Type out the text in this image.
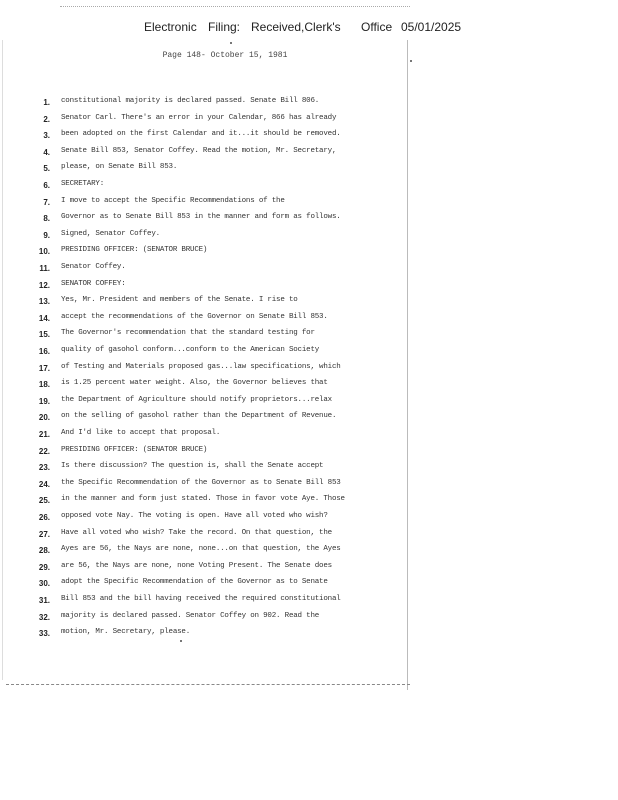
Electronic Filing: Received,Clerk's Office 05/01/2025
Page 148- October 15, 1981
1. constitutional majority is declared passed. Senate Bill 806.
2. Senator Carl. There's an error in your Calendar, 866 has already
3. been adopted on the first Calendar and it...it should be removed.
4. Senate Bill 853, Senator Coffey. Read the motion, Mr. Secretary,
5. please, on Senate Bill 853.
6. SECRETARY:
7. I move to accept the Specific Recommendations of the
8. Governor as to Senate Bill 853 in the manner and form as follows.
9. Signed, Senator Coffey.
10. PRESIDING OFFICER: (SENATOR BRUCE)
11. Senator Coffey.
12. SENATOR COFFEY:
13. Yes, Mr. President and members of the Senate. I rise to
14. accept the recommendations of the Governor on Senate Bill 853.
15. The Governor's recommendation that the standard testing for
16. quality of gasohol conform...conform to the American Society
17. of Testing and Materials proposed gas...law specifications, which
18. is 1.25 percent water weight. Also, the Governor believes that
19. the Department of Agriculture should notify proprietors...relax
20. on the selling of gasohol rather than the Department of Revenue.
21. And I'd like to accept that proposal.
22. PRESIDING OFFICER: (SENATOR BRUCE)
23. Is there discussion? The question is, shall the Senate accept
24. the Specific Recommendation of the Governor as to Senate Bill 853
25. in the manner and form just stated. Those in favor vote Aye. Those
26. opposed vote Nay. The voting is open. Have all voted who wish?
27. Have all voted who wish? Take the record. On that question, the
28. Ayes are 56, the Nays are none, none...on that question, the Ayes
29. are 56, the Nays are none, none Voting Present. The Senate does
30. adopt the Specific Recommendation of the Governor as to Senate
31. Bill 853 and the bill having received the required constitutional
32. majority is declared passed. Senator Coffey on 902. Read the
33. motion, Mr. Secretary, please.
